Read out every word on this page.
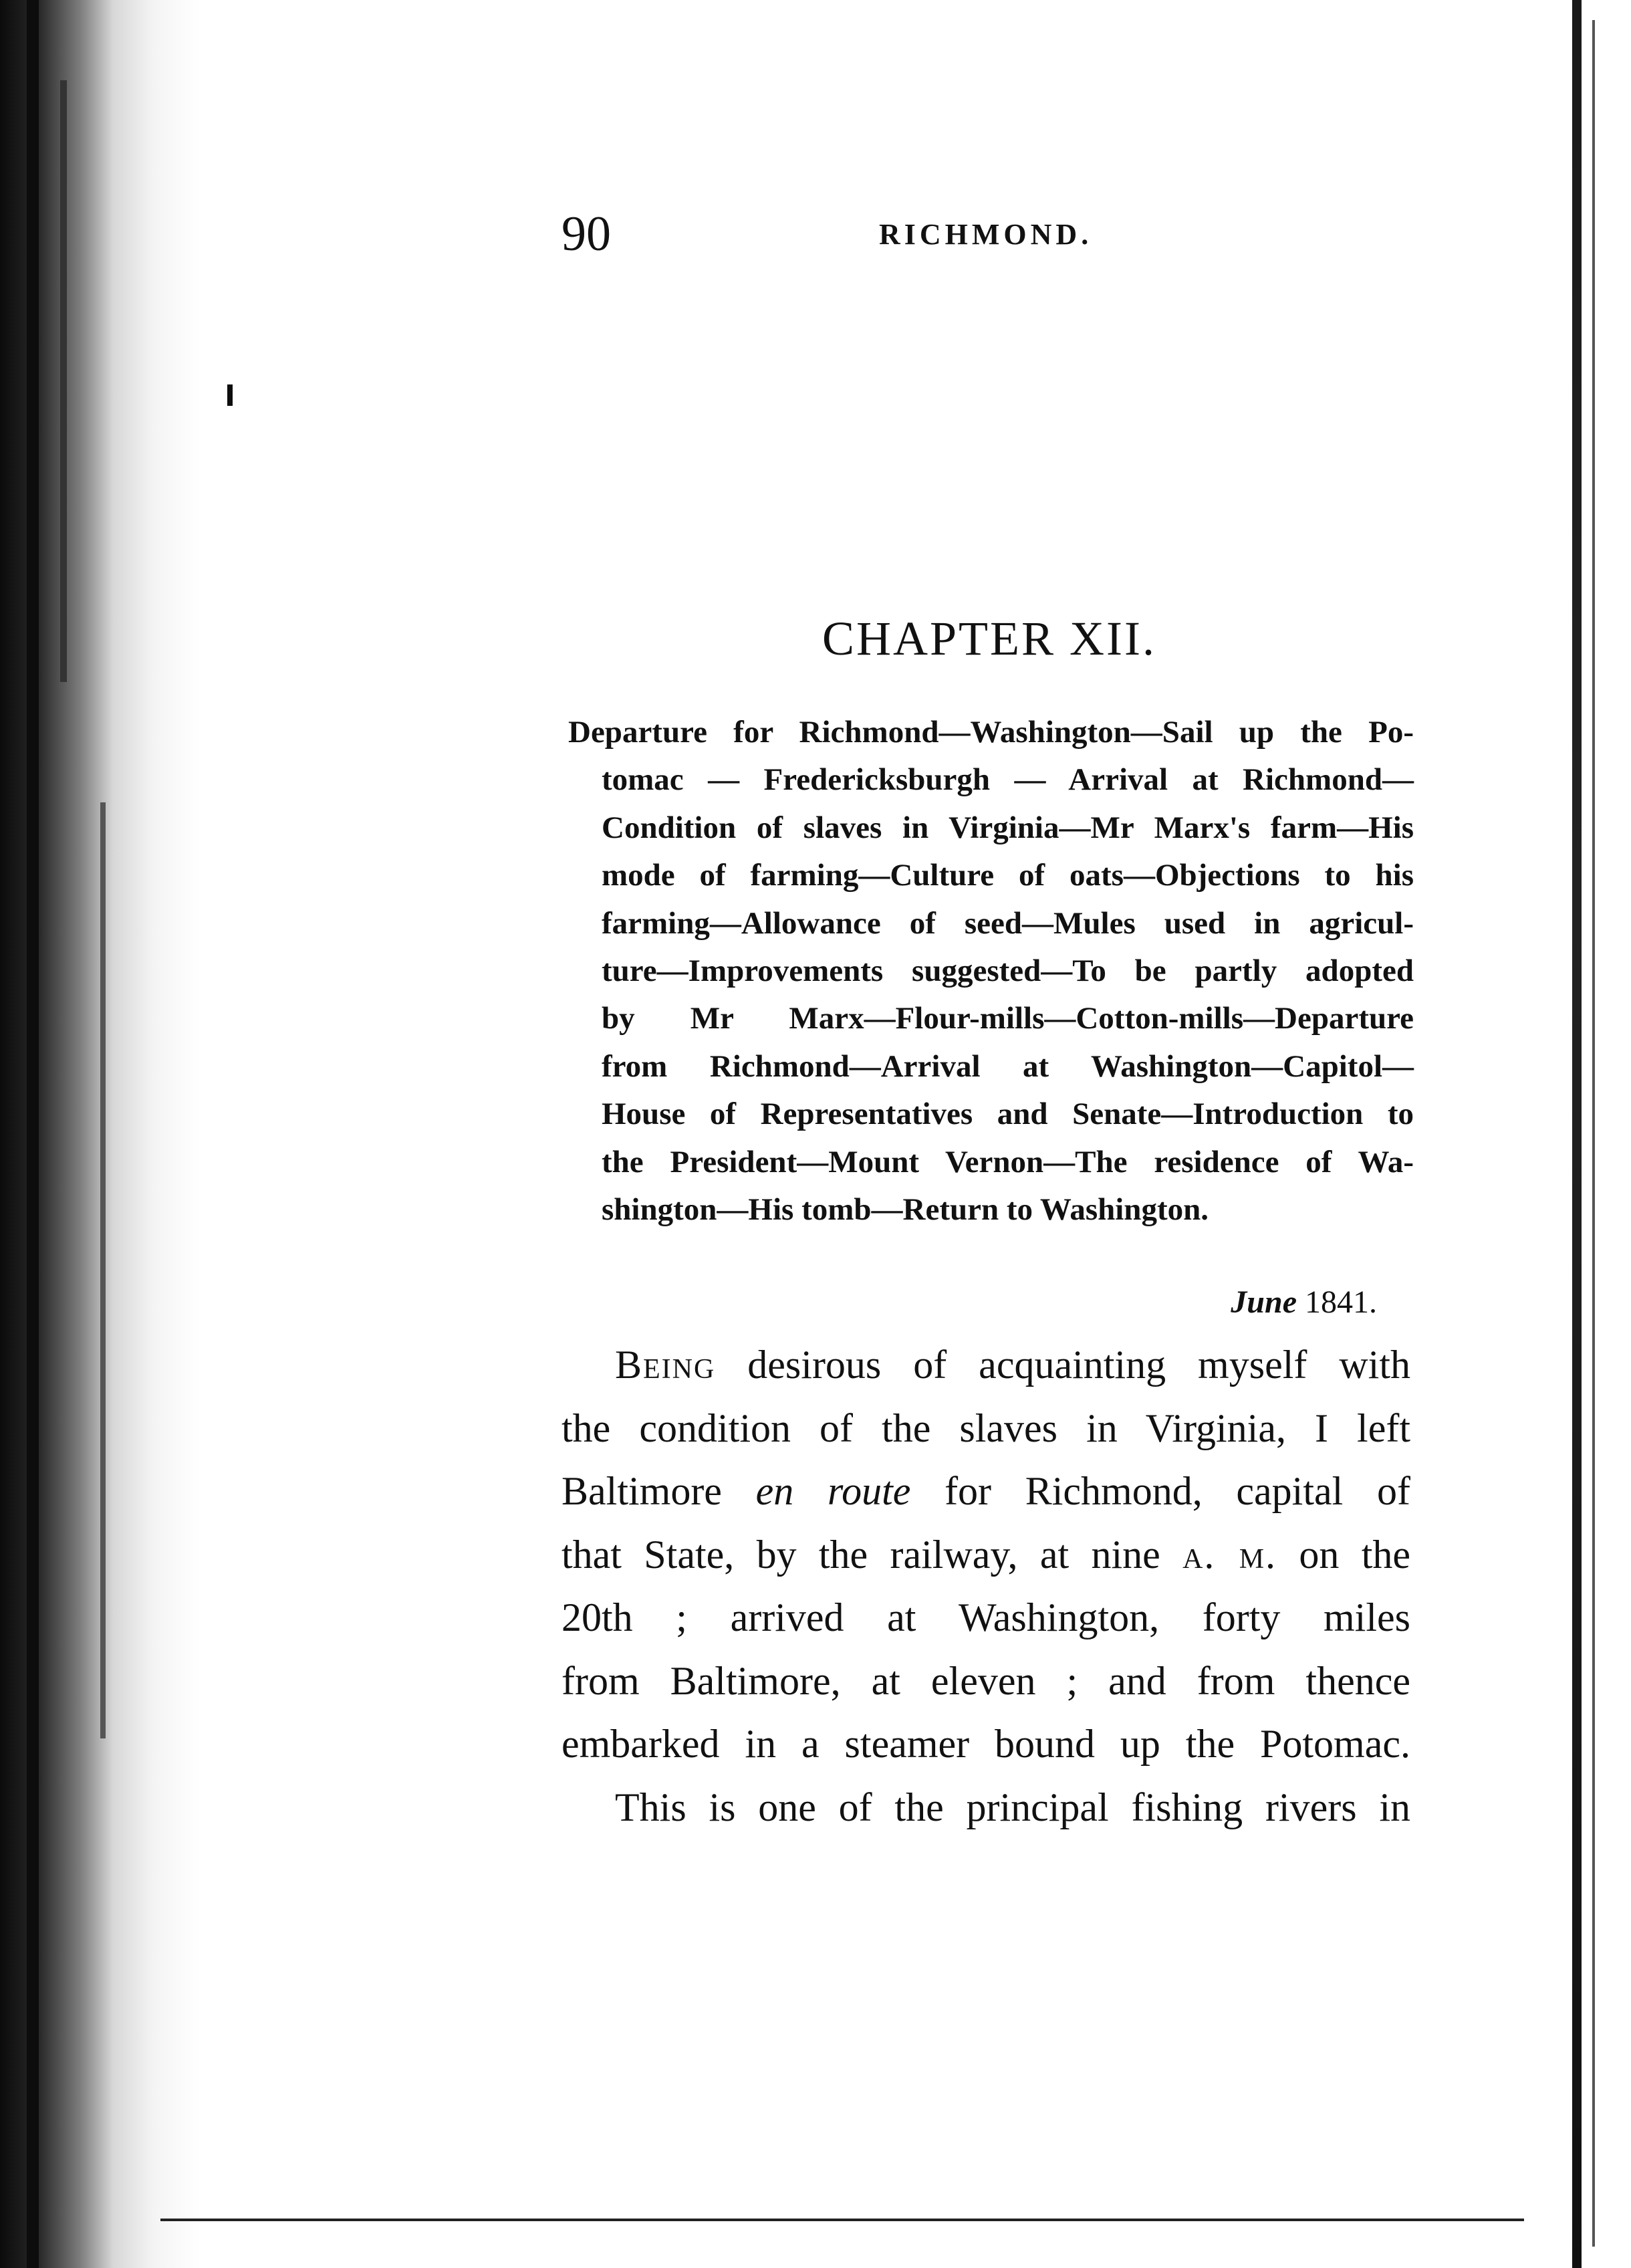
90	RICHMOND.
CHAPTER XII.
Departure for Richmond—Washington—Sail up the Po-
tomac — Fredericksburgh — Arrival at Richmond—
Condition of slaves in Virginia—Mr Marx's farm—His
mode of farming—Culture of oats—Objections to his
farming—Allowance of seed—Mules used in agricul-
ture—Improvements suggested—To be partly adopted
by Mr Marx—Flour-mills—Cotton-mills—Departure
from Richmond—Arrival at Washington—Capitol—
House of Representatives and Senate—Introduction to
the President—Mount Vernon—The residence of Wa-
shington—His tomb—Return to Washington.
June 1841.
Being desirous of acquainting myself with
the condition of the slaves in Virginia, I left
Baltimore en route for Richmond, capital of
that State, by the railway, at nine a. m. on the
20th ; arrived at Washington, forty miles
from Baltimore, at eleven ; and from thence
embarked in a steamer bound up the Potomac.
This is one of the principal fishing rivers in
